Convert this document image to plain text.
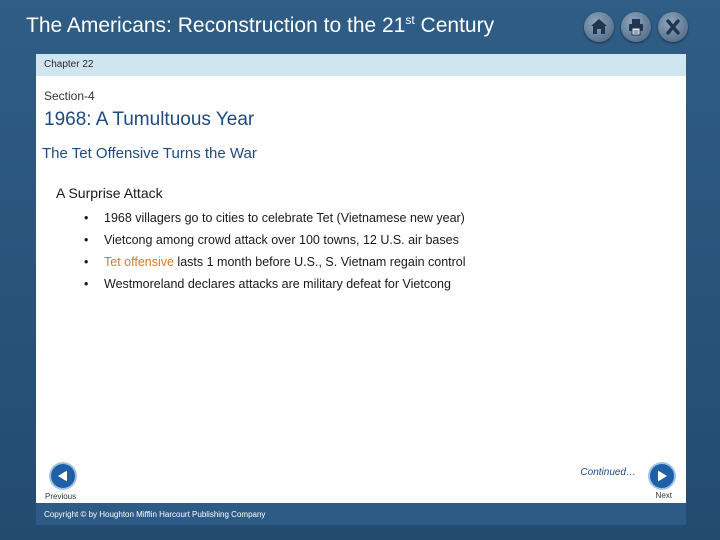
The Americans: Reconstruction to the 21st Century
Chapter 22
Section-4
1968: A Tumultuous Year
The Tet Offensive Turns the War
A Surprise Attack
• 1968 villagers go to cities to celebrate Tet (Vietnamese new year)
• Vietcong among crowd attack over 100 towns, 12 U.S. air bases
• Tet offensive lasts 1 month before U.S., S. Vietnam regain control
• Westmoreland declares attacks are military defeat for Vietcong
Continued…
Previous	Next
Copyright © by Houghton Mifflin Harcourt Publishing Company
